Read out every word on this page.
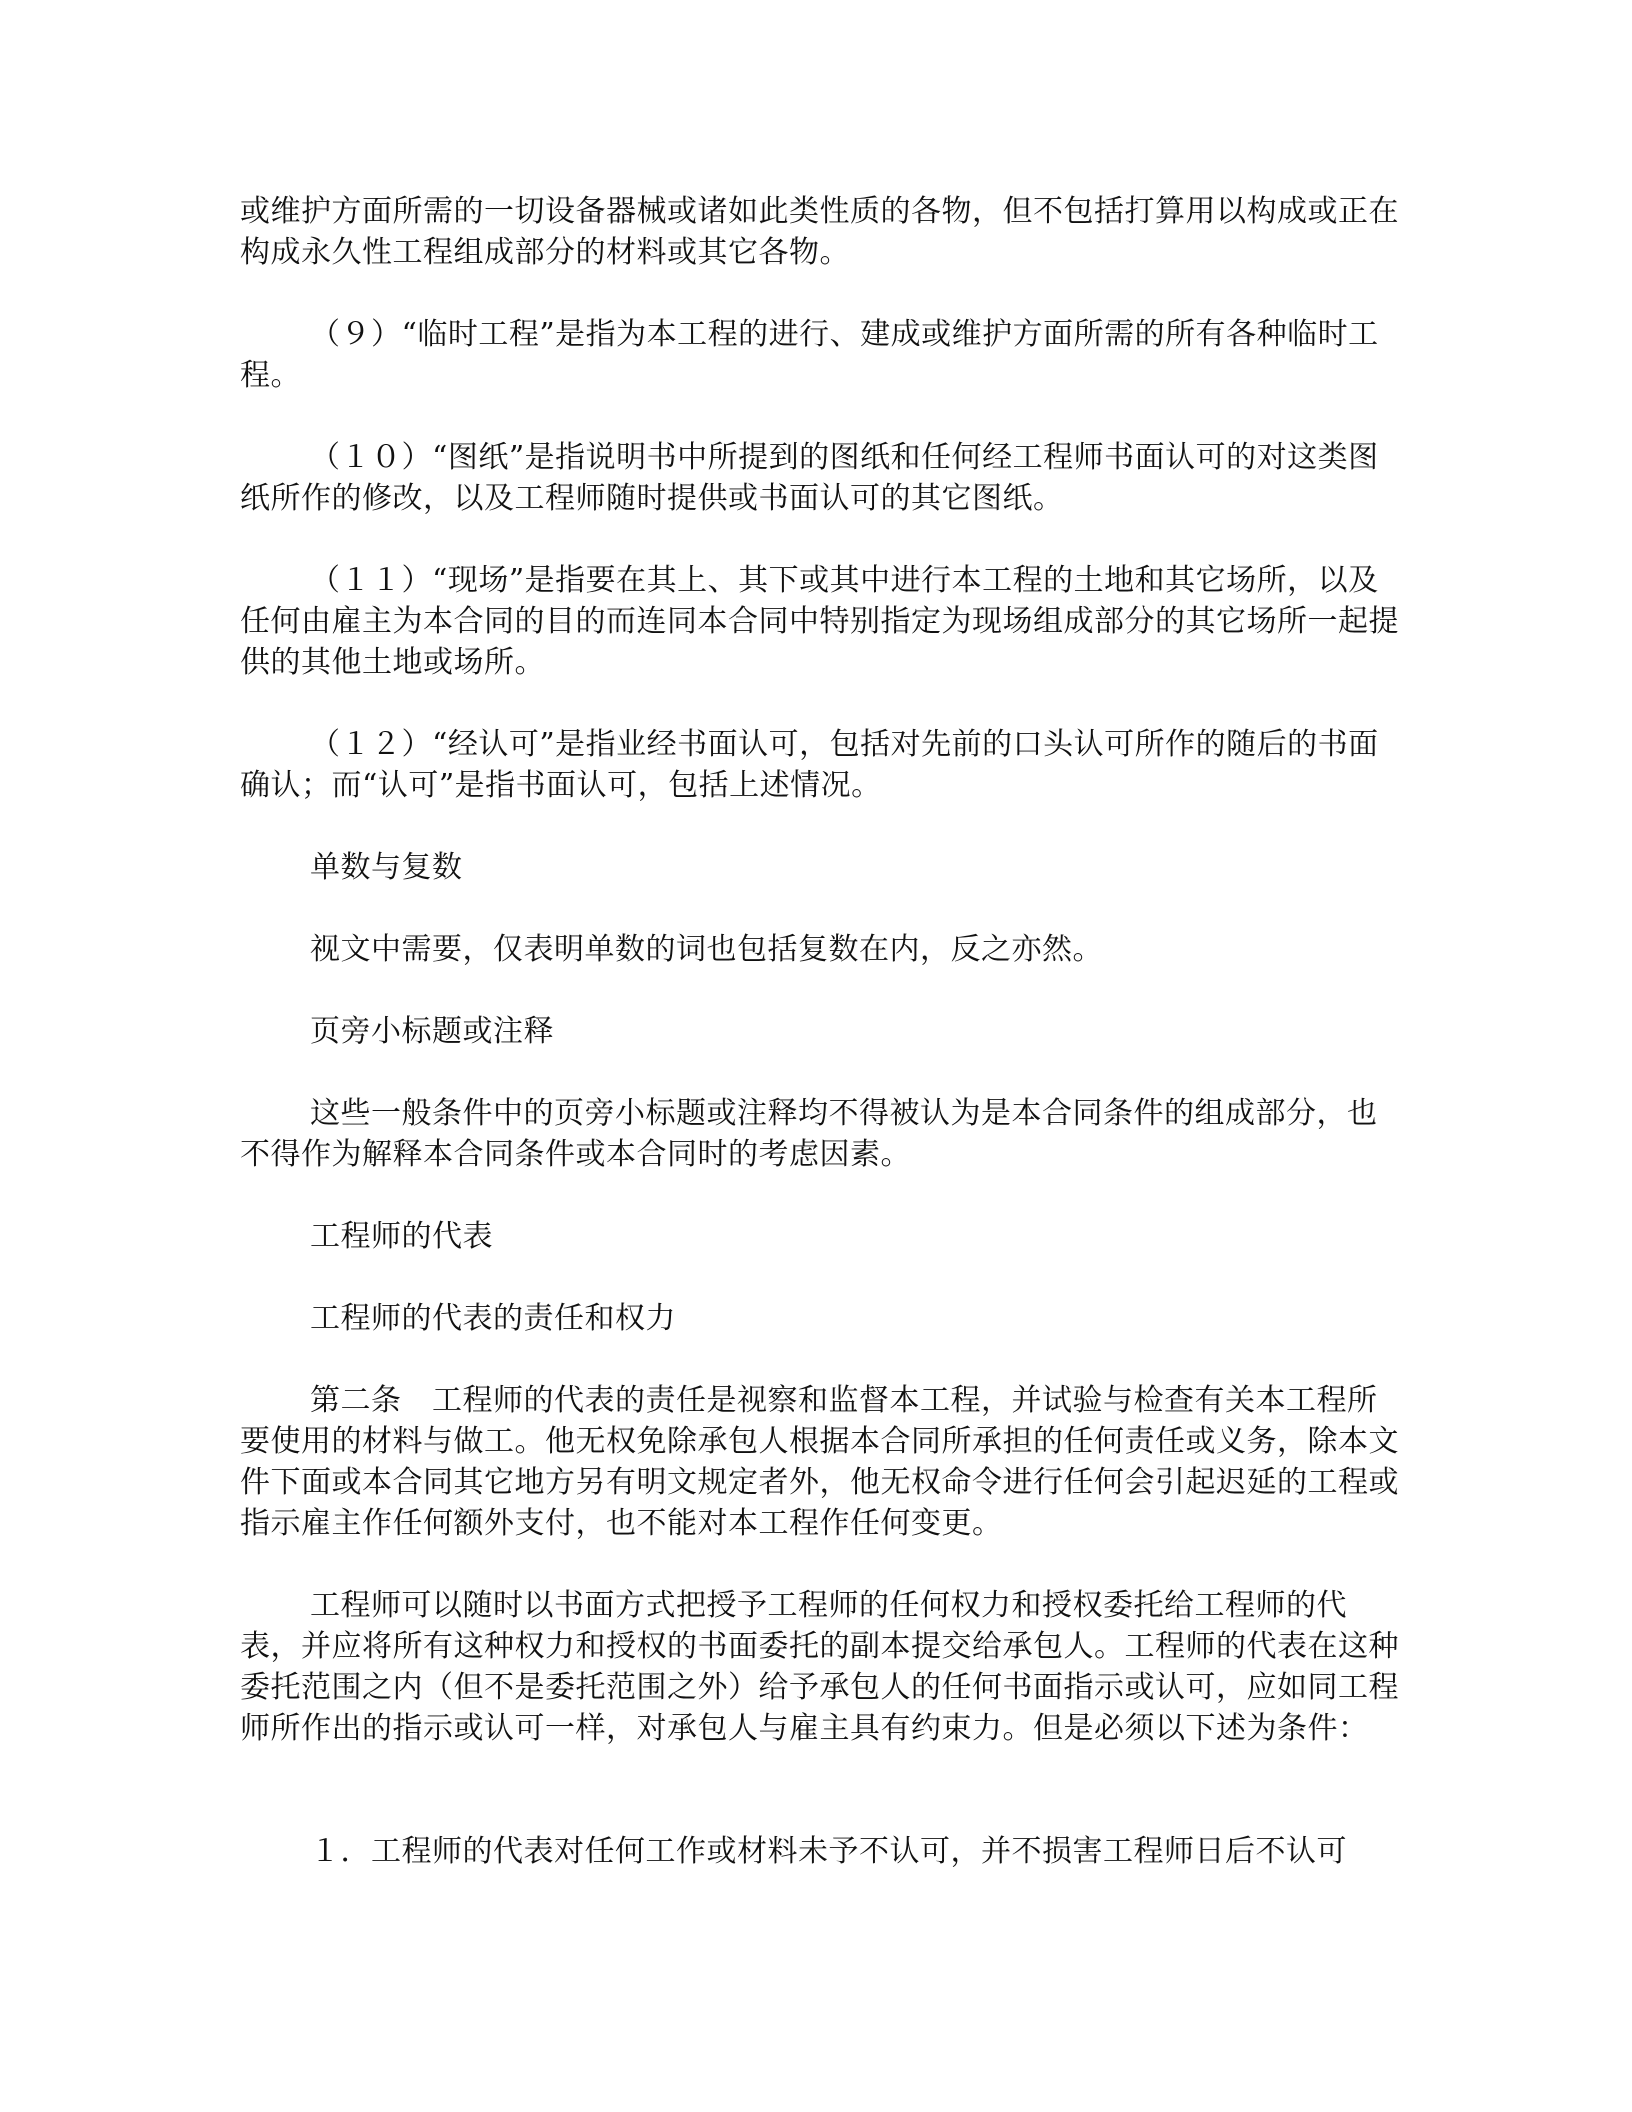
或维护方面所需的一切设备器械或诸如此类性质的各物，但不包括打算用以构成或正在构成永久性工程组成部分的材料或其它各物。

（９）“临时工程”是指为本工程的进行、建成或维护方面所需的所有各种临时工程。

（１０）“图纸”是指说明书中所提到的图纸和任何经工程师书面认可的对这类图纸所作的修改，以及工程师随时提供或书面认可的其它图纸。

（１１）“现场”是指要在其上、其下或其中进行本工程的土地和其它场所，以及任何由雇主为本合同的目的而连同本合同中特别指定为现场组成部分的其它场所一起提供的其他土地或场所。

（１２）“经认可”是指业经书面认可，包括对先前的口头认可所作的随后的书面确认；而“认可”是指书面认可，包括上述情况。

单数与复数

视文中需要，仅表明单数的词也包括复数在内，反之亦然。

页旁小标题或注释

这些一般条件中的页旁小标题或注释均不得被认为是本合同条件的组成部分，也不得作为解释本合同条件或本合同时的考虑因素。

工程师的代表

工程师的代表的责任和权力

第二条　工程师的代表的责任是视察和监督本工程，并试验与检查有关本工程所要使用的材料与做工。他无权免除承包人根据本合同所承担的任何责任或义务，除本文件下面或本合同其它地方另有明文规定者外，他无权命令进行任何会引起迟延的工程或指示雇主作任何额外支付，也不能对本工程作任何变更。

工程师可以随时以书面方式把授予工程师的任何权力和授权委托给工程师的代表，并应将所有这种权力和授权的书面委托的副本提交给承包人。工程师的代表在这种委托范围之内（但不是委托范围之外）给予承包人的任何书面指示或认可，应如同工程师所作出的指示或认可一样，对承包人与雇主具有约束力。但是必须以下述为条件：

１．工程师的代表对任何工作或材料未予不认可，并不损害工程师日后不认可
